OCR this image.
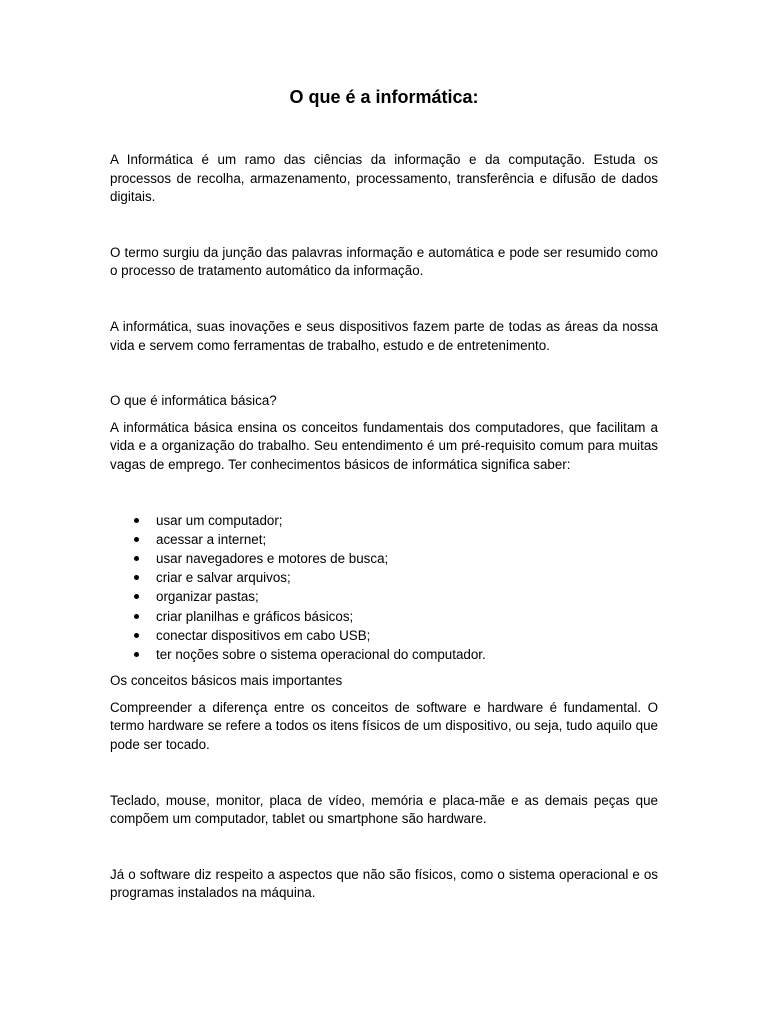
O que é a informática:

A Informática é um ramo das ciências da informação e da computação. Estuda os processos de recolha, armazenamento, processamento, transferência e difusão de dados digitais.

O termo surgiu da junção das palavras informação e automática e pode ser resumido como o processo de tratamento automático da informação.

A informática, suas inovações e seus dispositivos fazem parte de todas as áreas da nossa vida e servem como ferramentas de trabalho, estudo e de entretenimento.

O que é informática básica?

A informática básica ensina os conceitos fundamentais dos computadores, que facilitam a vida e a organização do trabalho. Seu entendimento é um pré-requisito comum para muitas vagas de emprego. Ter conhecimentos básicos de informática significa saber:

usar um computador;
acessar a internet;
usar navegadores e motores de busca;
criar e salvar arquivos;
organizar pastas;
criar planilhas e gráficos básicos;
conectar dispositivos em cabo USB;
ter noções sobre o sistema operacional do computador.

Os conceitos básicos mais importantes

Compreender a diferença entre os conceitos de software e hardware é fundamental. O termo hardware se refere a todos os itens físicos de um dispositivo, ou seja, tudo aquilo que pode ser tocado.

Teclado, mouse, monitor, placa de vídeo, memória e placa-mãe e as demais peças que compõem um computador, tablet ou smartphone são hardware.

Já o software diz respeito a aspectos que não são físicos, como o sistema operacional e os programas instalados na máquina.
